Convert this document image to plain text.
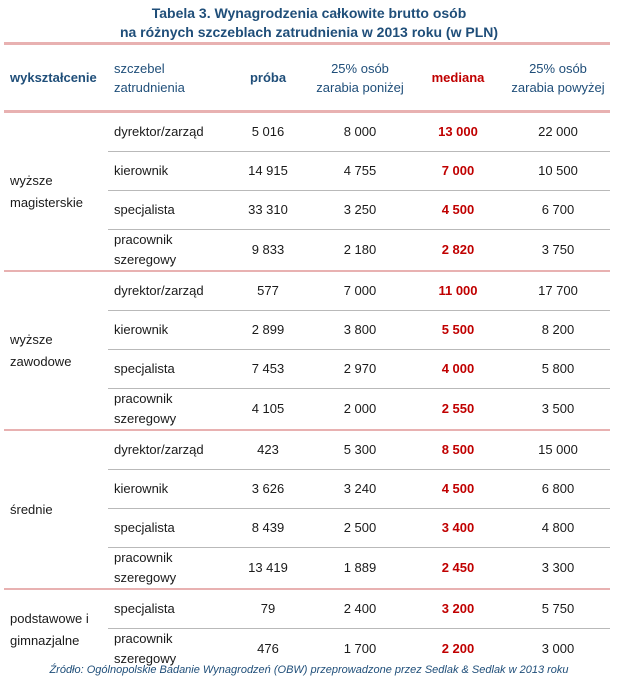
Tabela 3. Wynagrodzenia całkowite brutto osób
na różnych szczeblach zatrudnienia w 2013 roku (w PLN)
wykształcenie	szczebel zatrudnienia	próba	25% osób zarabia poniżej	mediana	25% osób zarabia powyżej
wyższe magisterskie	dyrektor/zarząd	5 016	8 000	13 000	22 000
	kierownik	14 915	4 755	7 000	10 500
	specjalista	33 310	3 250	4 500	6 700
	pracownik szeregowy	9 833	2 180	2 820	3 750
wyższe zawodowe	dyrektor/zarząd	577	7 000	11 000	17 700
	kierownik	2 899	3 800	5 500	8 200
	specjalista	7 453	2 970	4 000	5 800
	pracownik szeregowy	4 105	2 000	2 550	3 500
średnie	dyrektor/zarząd	423	5 300	8 500	15 000
	kierownik	3 626	3 240	4 500	6 800
	specjalista	8 439	2 500	3 400	4 800
	pracownik szeregowy	13 419	1 889	2 450	3 300
podstawowe i gimnazjalne	specjalista	79	2 400	3 200	5 750
	pracownik szeregowy	476	1 700	2 200	3 000
Źródło: Ogólnopolskie Badanie Wynagrodzeń (OBW) przeprowadzone przez Sedlak & Sedlak w 2013 roku
